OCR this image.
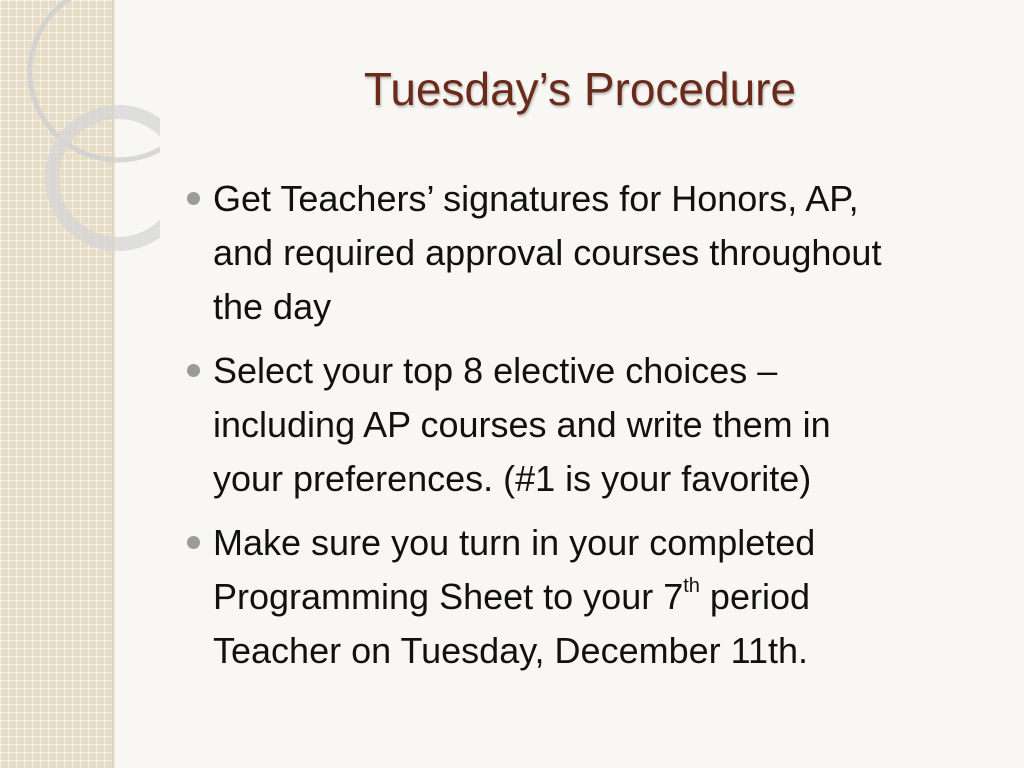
Tuesday’s Procedure
Get Teachers’ signatures for Honors, AP,
and required approval courses throughout
the day
Select your top 8 elective choices –
including AP courses and write them in
your preferences. (#1 is your favorite)
Make sure you turn in your completed
Programming Sheet to your 7th period
Teacher on Tuesday, December 11th.
